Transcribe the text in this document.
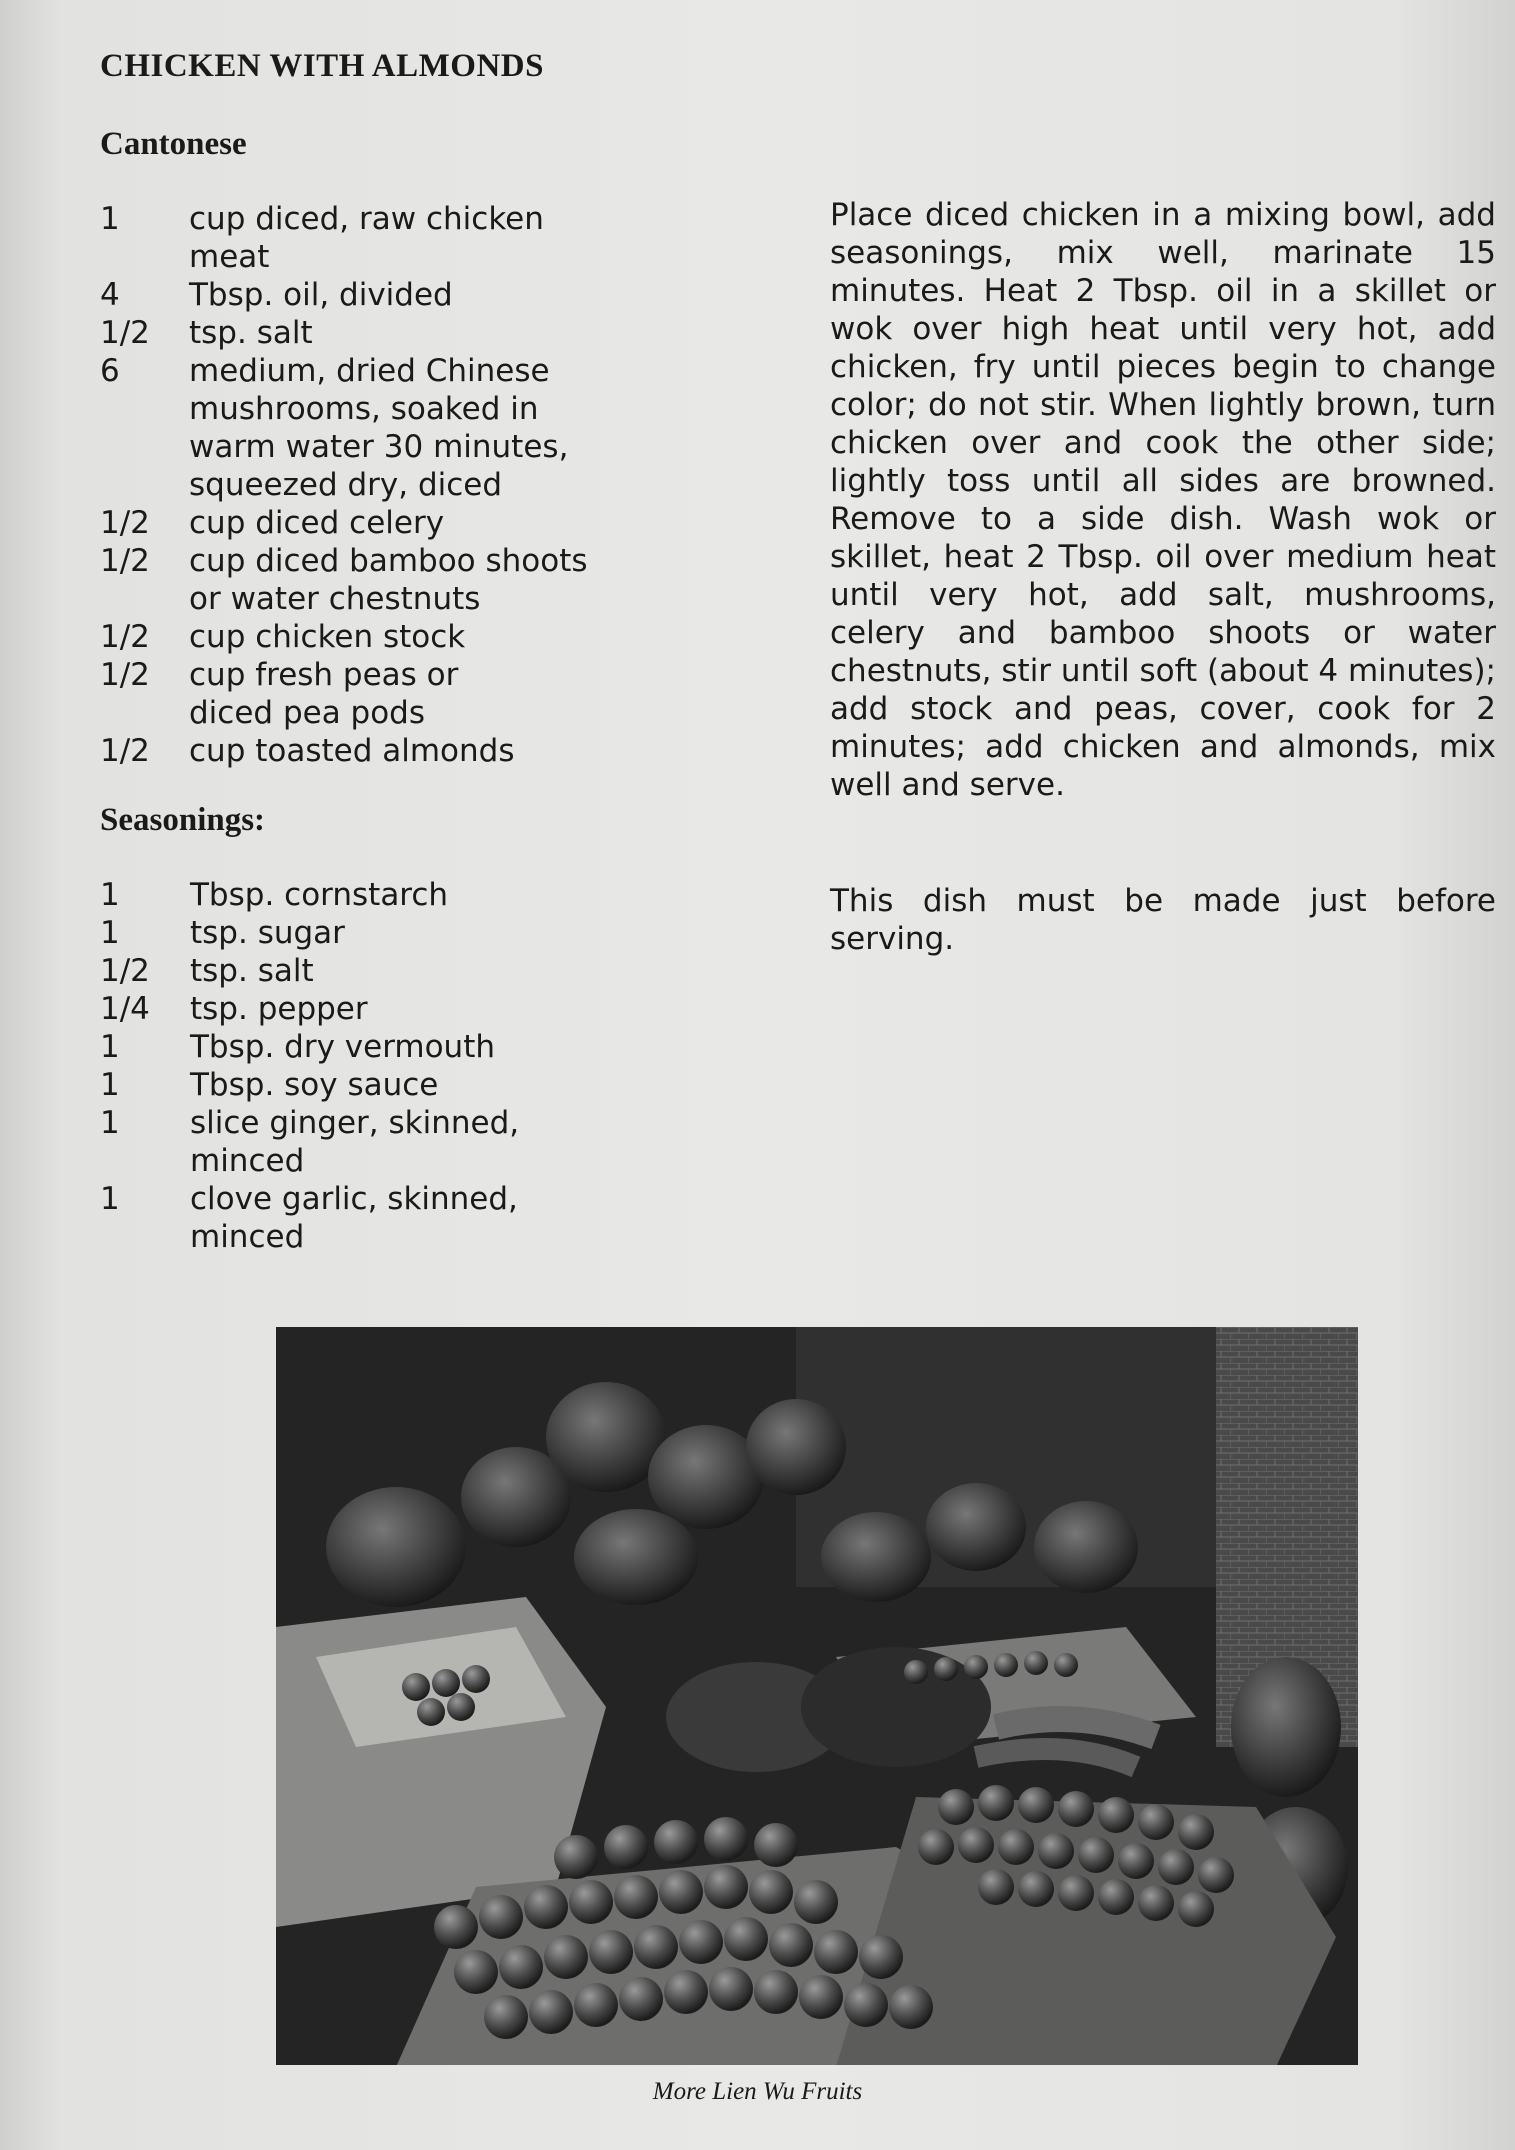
CHICKEN WITH ALMONDS
Cantonese
1	cup diced, raw chicken
meat
4	Tbsp. oil, divided
1/2	tsp. salt
6	medium, dried Chinese
mushrooms, soaked in
warm water 30 minutes,
squeezed dry, diced
1/2	cup diced celery
1/2	cup diced bamboo shoots
or water chestnuts
1/2	cup chicken stock
1/2	cup fresh peas or
diced pea pods
1/2	cup toasted almonds
Seasonings:
1	Tbsp. cornstarch
1	tsp. sugar
1/2	tsp. salt
1/4	tsp. pepper
1	Tbsp. dry vermouth
1	Tbsp. soy sauce
1	slice ginger, skinned,
minced
1	clove garlic, skinned,
minced

Place diced chicken in a mixing bowl, add seasonings, mix well, marinate 15 minutes. Heat 2 Tbsp. oil in a skillet or wok over high heat until very hot, add chicken, fry until pieces begin to change color; do not stir. When lightly brown, turn chicken over and cook the other side; lightly toss until all sides are browned. Remove to a side dish. Wash wok or skillet, heat 2 Tbsp. oil over medium heat until very hot, add salt, mushrooms, celery and bamboo shoots or water chestnuts, stir until soft (about 4 minutes); add stock and peas, cover, cook for 2 minutes; add chicken and almonds, mix well and serve.

This dish must be made just before serving.

More Lien Wu Fruits
